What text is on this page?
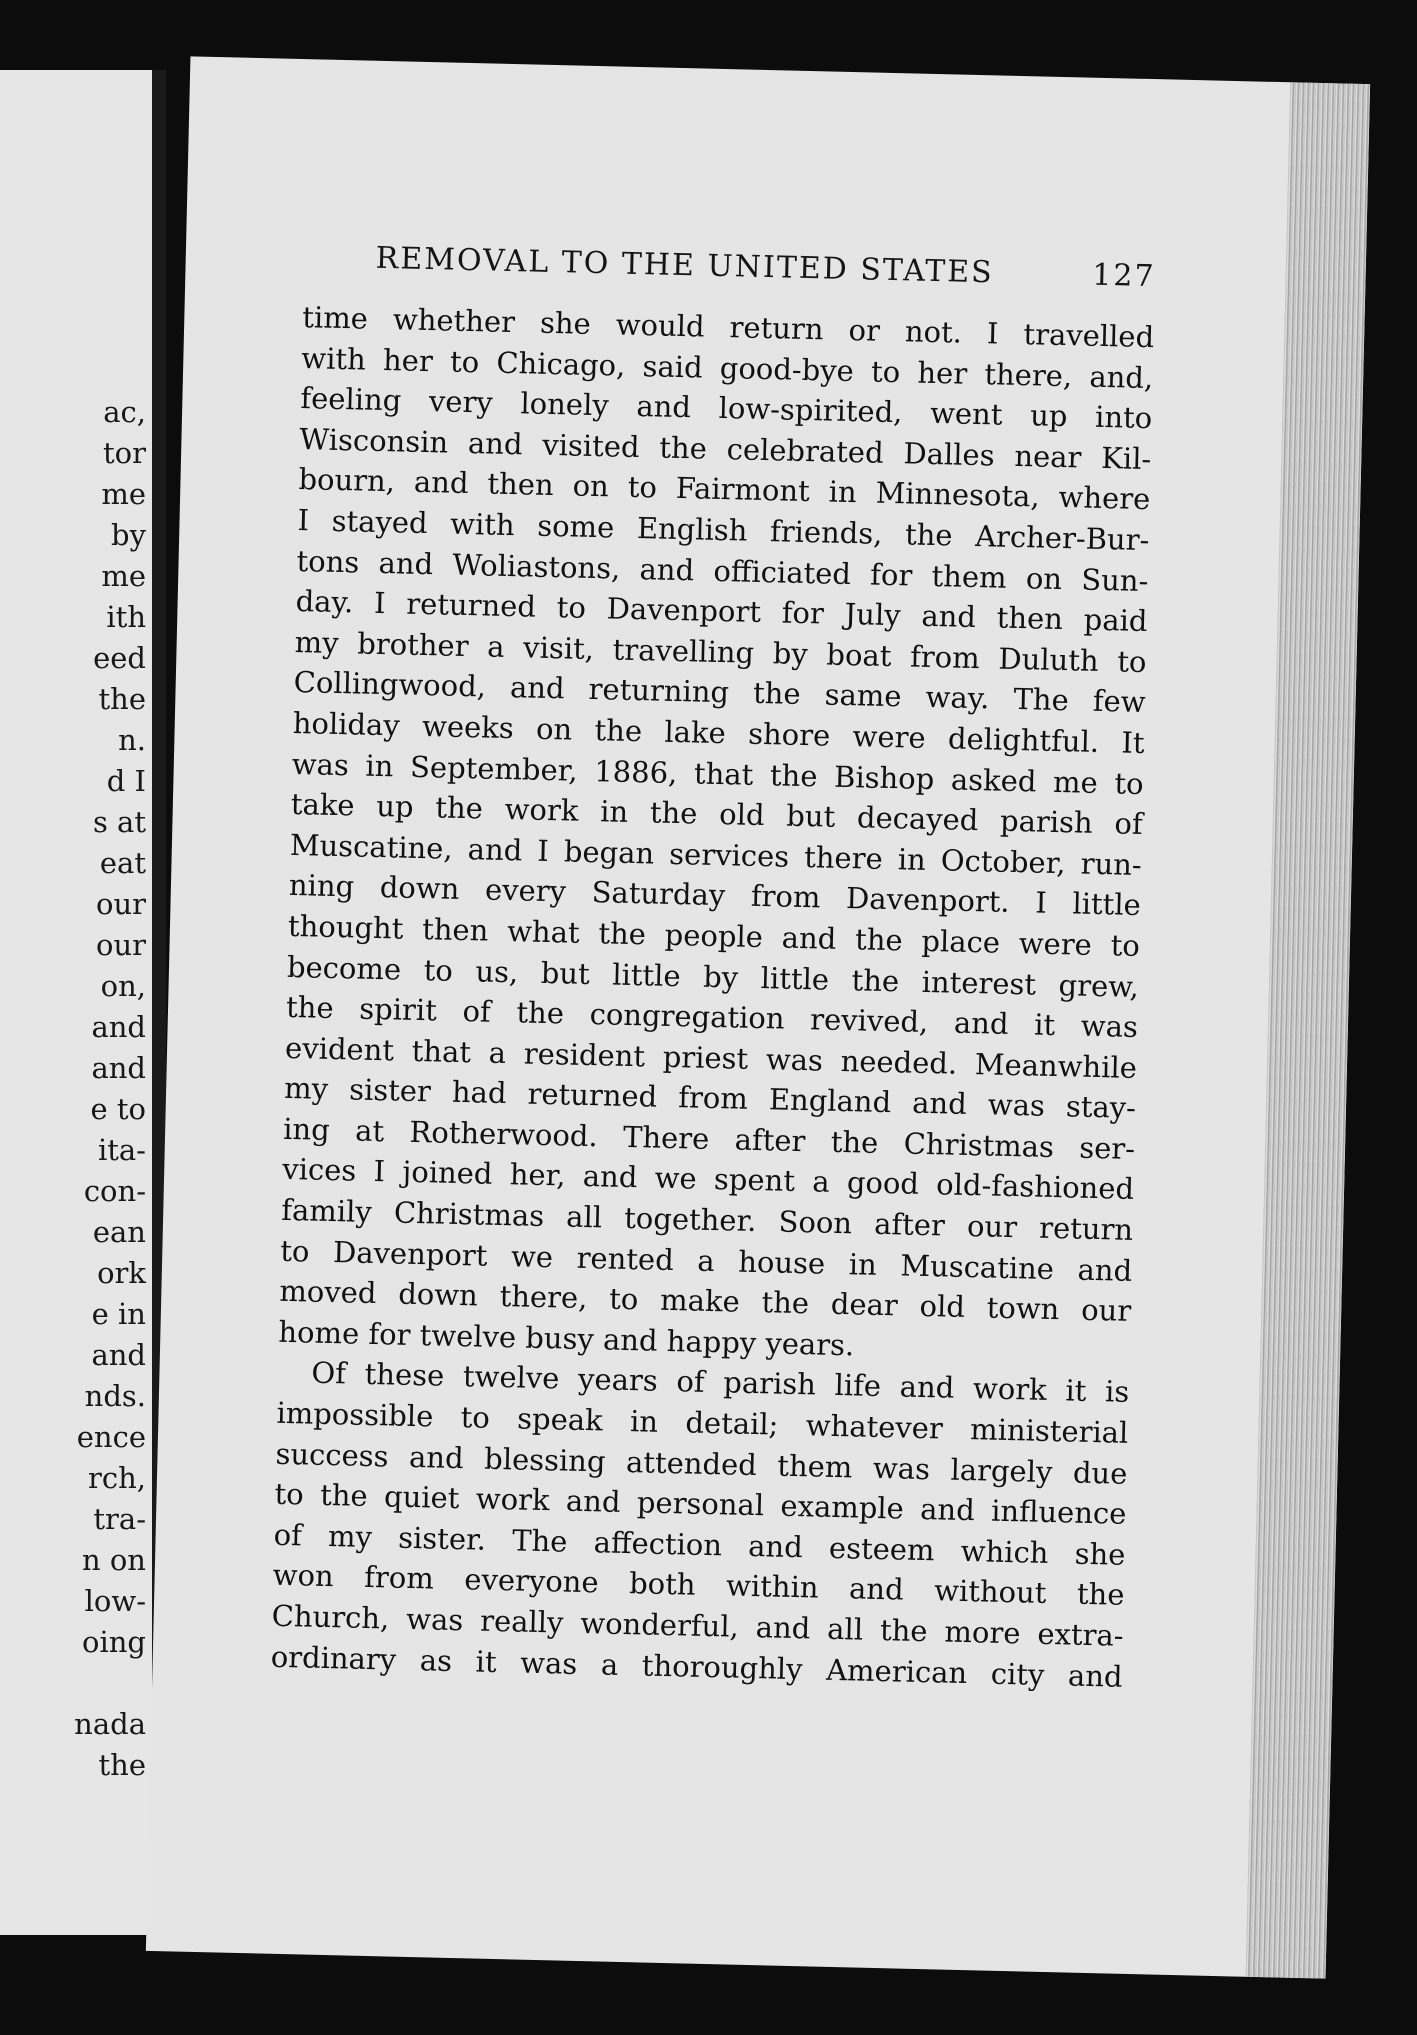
ac,
tor
me
by
me
ith
eed
the
n.
d I
s at
eat
our
our
on,
and
and
e to
ita-
con-
ean
ork
e in
and
nds.
ence
rch,
tra-
n on
low-
oing
nada
the
REMOVAL TO THE UNITED STATES	127
time whether she would return or not. I travelled
with her to Chicago, said good-bye to her there, and,
feeling very lonely and low-spirited, went up into
Wisconsin and visited the celebrated Dalles near Kil-
bourn, and then on to Fairmont in Minnesota, where
I stayed with some English friends, the Archer-Bur-
tons and Woliastons, and officiated for them on Sun-
day. I returned to Davenport for July and then paid
my brother a visit, travelling by boat from Duluth to
Collingwood, and returning the same way. The few
holiday weeks on the lake shore were delightful. It
was in September, 1886, that the Bishop asked me to
take up the work in the old but decayed parish of
Muscatine, and I began services there in October, run-
ning down every Saturday from Davenport. I little
thought then what the people and the place were to
become to us, but little by little the interest grew,
the spirit of the congregation revived, and it was
evident that a resident priest was needed. Meanwhile
my sister had returned from England and was stay-
ing at Rotherwood. There after the Christmas ser-
vices I joined her, and we spent a good old-fashioned
family Christmas all together. Soon after our return
to Davenport we rented a house in Muscatine and
moved down there, to make the dear old town our
home for twelve busy and happy years.
Of these twelve years of parish life and work it is
impossible to speak in detail; whatever ministerial
success and blessing attended them was largely due
to the quiet work and personal example and influence
of my sister. The affection and esteem which she
won from everyone both within and without the
Church, was really wonderful, and all the more extra-
ordinary as it was a thoroughly American city and
